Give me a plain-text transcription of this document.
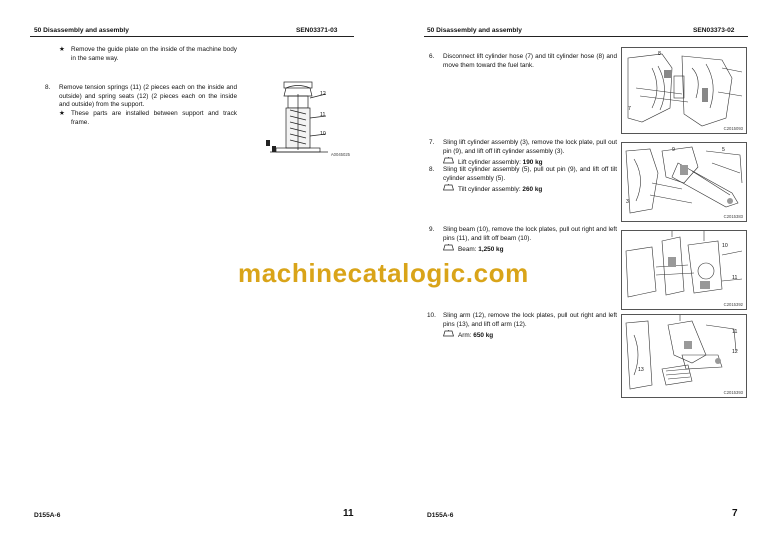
50 Disassembly and assembly	SEN03371-03
★ Remove the guide plate on the inside of the machine body in the same way.
8. Remove tension springs (11) (2 pieces each on the inside and outside) and spring seats (12) (2 pieces each on the inside and outside) from the support.
★ These parts are installed between support and track frame.
12
11
10
A0045025
D155A-6	11
50 Disassembly and assembly	SEN03373-02
6. Disconnect lift cylinder hose (7) and tilt cylinder hose (8) and move them toward the fuel tank.
8
7
C2015093
7. Sling lift cylinder assembly (3), remove the lock plate, pull out pin (9), and lift off lift cylinder assembly (3).
Lift cylinder assembly: 190 kg
8. Sling tilt cylinder assembly (5), pull out pin (9), and lift off tilt cylinder assembly (5).
Tilt cylinder assembly: 260 kg
9	5
3
C2015383
9. Sling beam (10), remove the lock plates, pull out right and left pins (11), and lift off beam (10).
Beam: 1,250 kg	10
11
C2015392
10. Sling arm (12), remove the lock plates, pull out right and left pins (13), and lift off arm (12).
Arm: 650 kg	11
12
13
C2015393
D155A-6	7
machinecatalogic.com
